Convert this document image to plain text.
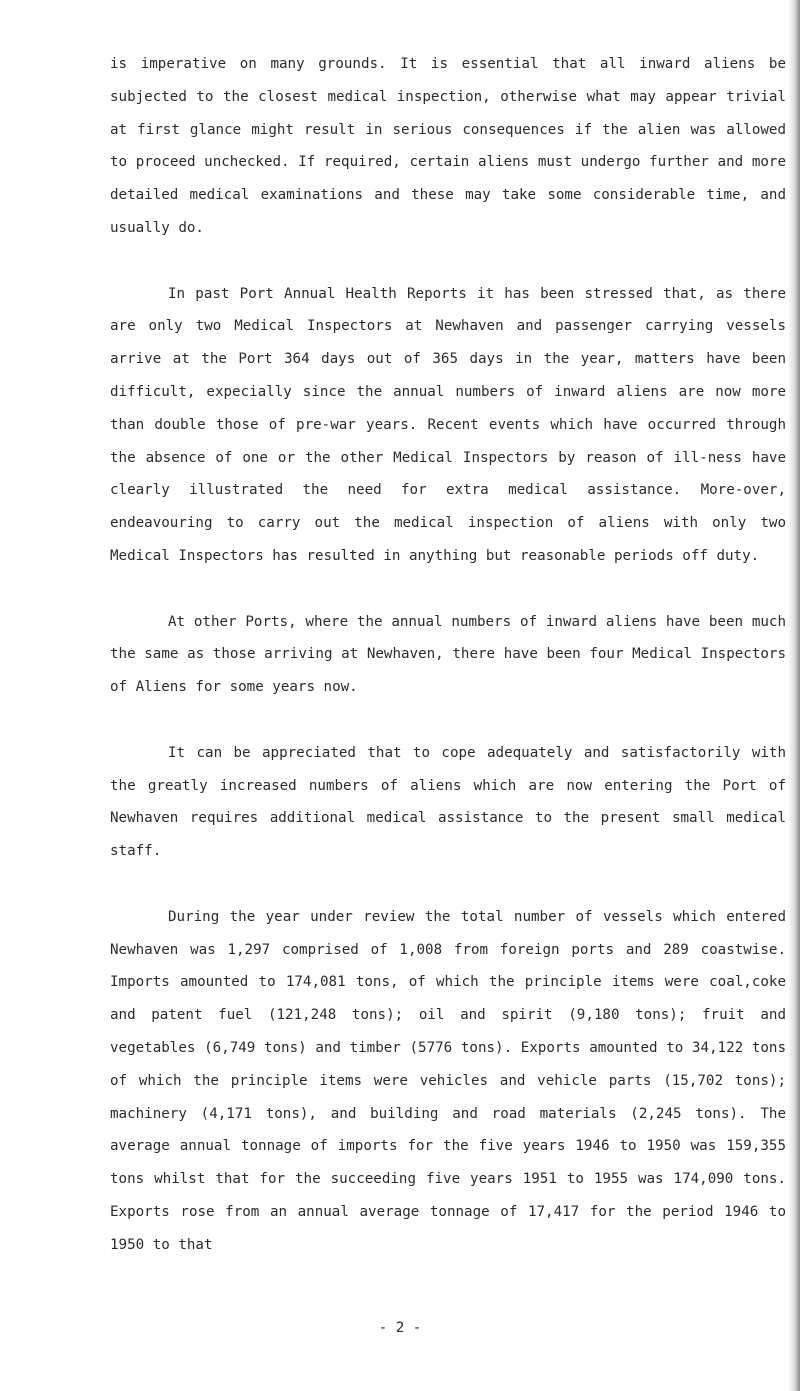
is imperative on many grounds. It is essential that all inward aliens be subjected to the closest medical inspection, otherwise what may appear trivial at first glance might result in serious consequences if the alien was allowed to proceed unchecked. If required, certain aliens must undergo further and more detailed medical examinations and these may take some considerable time, and usually do.

In past Port Annual Health Reports it has been stressed that, as there are only two Medical Inspectors at Newhaven and passenger carrying vessels arrive at the Port 364 days out of 365 days in the year, matters have been difficult, expecially since the annual numbers of inward aliens are now more than double those of pre-war years. Recent events which have occurred through the absence of one or the other Medical Inspectors by reason of ill-ness have clearly illustrated the need for extra medical assistance. More-over, endeavouring to carry out the medical inspection of aliens with only two Medical Inspectors has resulted in anything but reasonable periods off duty.

At other Ports, where the annual numbers of inward aliens have been much the same as those arriving at Newhaven, there have been four Medical Inspectors of Aliens for some years now.

It can be appreciated that to cope adequately and satisfactorily with the greatly increased numbers of aliens which are now entering the Port of Newhaven requires additional medical assistance to the present small medical staff.

During the year under review the total number of vessels which entered Newhaven was 1,297 comprised of 1,008 from foreign ports and 289 coastwise. Imports amounted to 174,081 tons, of which the principle items were coal,coke and patent fuel (121,248 tons); oil and spirit (9,180 tons); fruit and vegetables (6,749 tons) and timber (5776 tons). Exports amounted to 34,122 tons of which the principle items were vehicles and vehicle parts (15,702 tons); machinery (4,171 tons), and building and road materials (2,245 tons). The average annual tonnage of imports for the five years 1946 to 1950 was 159,355 tons whilst that for the succeeding five years 1951 to 1955 was 174,090 tons. Exports rose from an annual average tonnage of 17,417 for the period 1946 to 1950 to that

- 2 -
